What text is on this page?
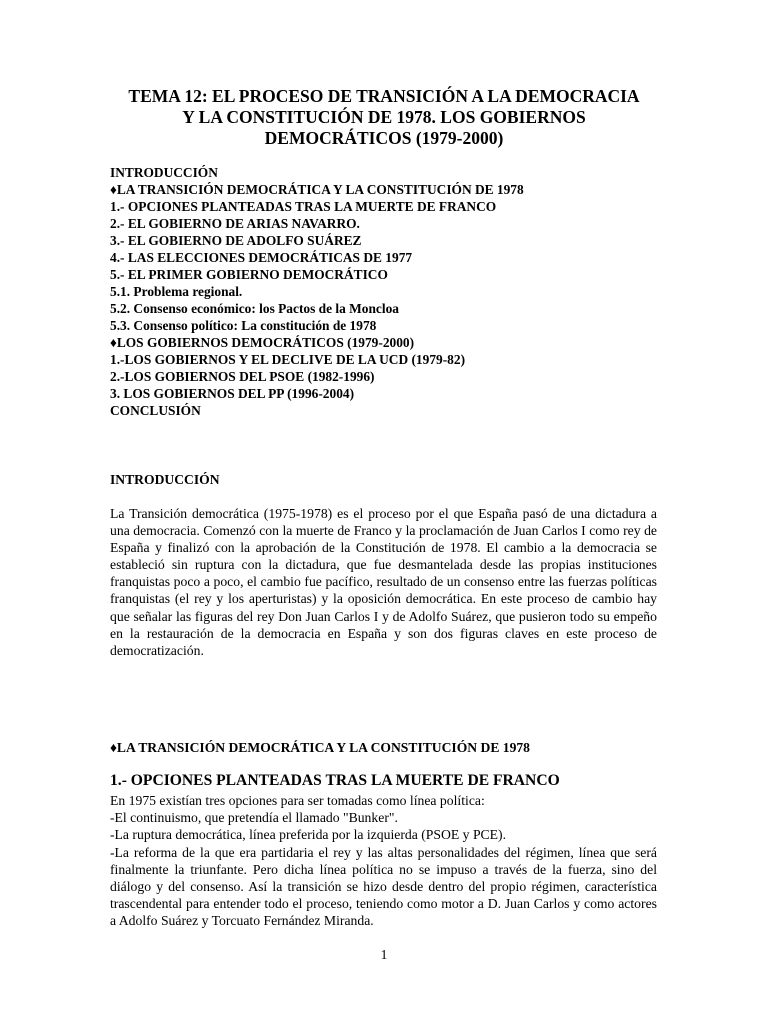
TEMA 12: EL PROCESO DE TRANSICIÓN A LA DEMOCRACIA
Y LA CONSTITUCIÓN DE 1978. LOS GOBIERNOS
DEMOCRÁTICOS (1979-2000)
INTRODUCCIÓN
♦LA TRANSICIÓN DEMOCRÁTICA Y LA CONSTITUCIÓN DE 1978
1.- OPCIONES PLANTEADAS TRAS LA MUERTE DE FRANCO
2.- EL GOBIERNO DE ARIAS NAVARRO.
3.- EL GOBIERNO DE ADOLFO SUÁREZ
4.- LAS ELECCIONES DEMOCRÁTICAS DE 1977
5.- EL PRIMER GOBIERNO DEMOCRÁTICO
5.1. Problema regional.
5.2. Consenso económico: los Pactos de la Moncloa
5.3. Consenso político: La constitución de 1978
♦LOS GOBIERNOS DEMOCRÁTICOS (1979-2000)
1.-LOS GOBIERNOS Y EL DECLIVE DE LA UCD (1979-82)
2.-LOS GOBIERNOS DEL PSOE (1982-1996)
3. LOS GOBIERNOS DEL PP (1996-2004)
CONCLUSIÓN
INTRODUCCIÓN
La Transición democrática (1975-1978) es el proceso por el que España pasó de una dictadura a una democracia. Comenzó con la muerte de Franco y la proclamación de Juan Carlos I como rey de España y finalizó con la aprobación de la Constitución de 1978. El cambio a la democracia se estableció sin ruptura con la dictadura, que fue desmantelada desde las propias instituciones franquistas poco a poco, el cambio fue pacífico, resultado de un consenso entre las fuerzas políticas franquistas (el rey y los aperturistas) y la oposición democrática. En este proceso de cambio hay que señalar las figuras del rey Don Juan Carlos I y de Adolfo Suárez, que pusieron todo su empeño en la restauración de la democracia en España y son dos figuras claves en este proceso de democratización.
♦LA TRANSICIÓN DEMOCRÁTICA Y LA CONSTITUCIÓN DE 1978
1.- OPCIONES PLANTEADAS TRAS LA MUERTE DE FRANCO
En 1975 existían tres opciones para ser tomadas como línea política:
-El continuismo, que pretendía el llamado "Bunker".
-La ruptura democrática, línea preferida por la izquierda (PSOE y PCE).
-La reforma de la que era partidaria el rey y las altas personalidades del régimen, línea que será finalmente la triunfante. Pero dicha línea política no se impuso a través de la fuerza, sino del diálogo y del consenso. Así la transición se hizo desde dentro del propio régimen, característica trascendental para entender todo el proceso, teniendo como motor a D. Juan Carlos y como actores a Adolfo Suárez y Torcuato Fernández Miranda.
1
